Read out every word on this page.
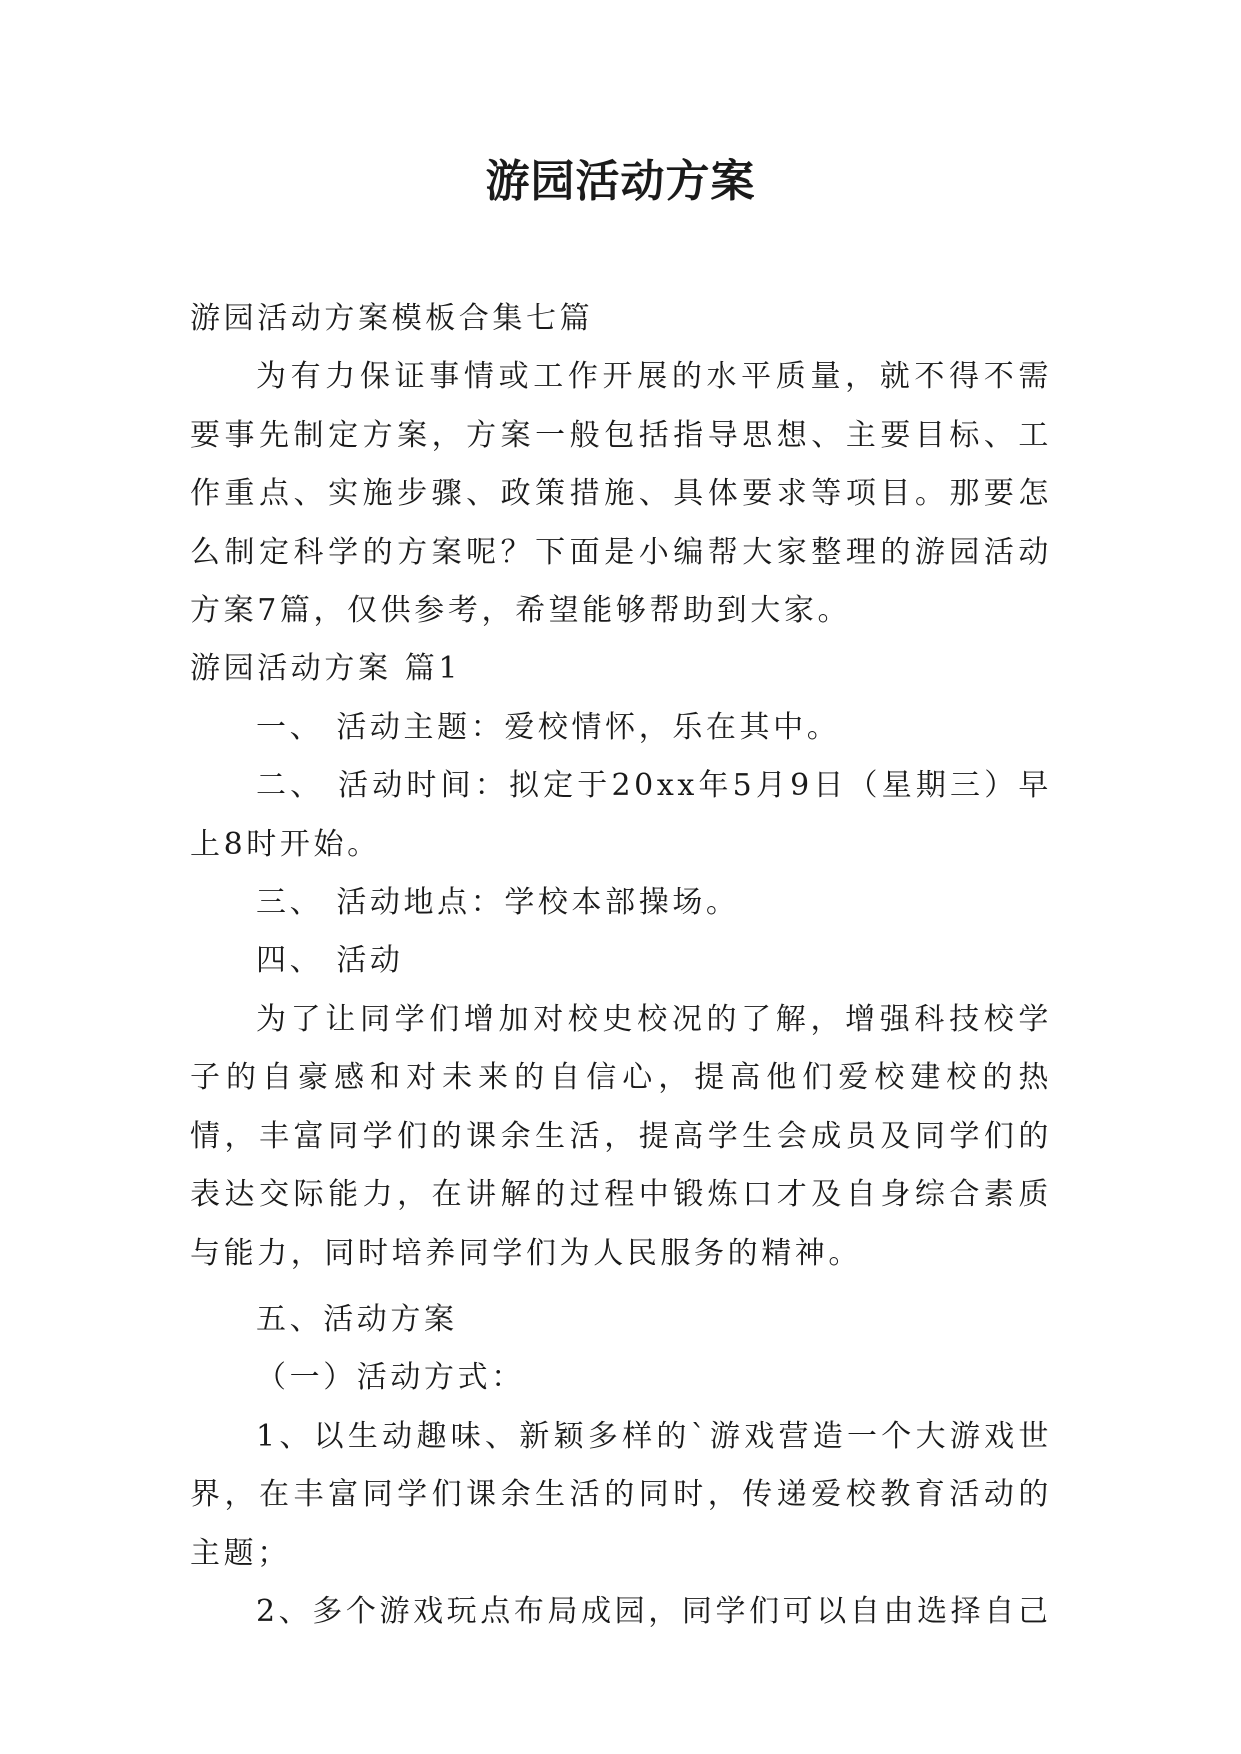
游园活动方案

游园活动方案模板合集七篇

为有力保证事情或工作开展的水平质量，就不得不需要事先制定方案，方案一般包括指导思想、主要目标、工作重点、实施步骤、政策措施、具体要求等项目。那要怎么制定科学的方案呢？下面是小编帮大家整理的游园活动方案7篇，仅供参考，希望能够帮助到大家。

游园活动方案 篇1

一、 活动主题：爱校情怀，乐在其中。

二、 活动时间：拟定于20xx年5月9日（星期三）早上8时开始。

三、 活动地点：学校本部操场。

四、 活动

为了让同学们增加对校史校况的了解，增强科技校学子的自豪感和对未来的自信心，提高他们爱校建校的热情，丰富同学们的课余生活，提高学生会成员及同学们的表达交际能力，在讲解的过程中锻炼口才及自身综合素质与能力，同时培养同学们为人民服务的精神。

五、活动方案

（一）活动方式：

1、以生动趣味、新颖多样的`游戏营造一个大游戏世界，在丰富同学们课余生活的同时，传递爱校教育活动的主题；

2、多个游戏玩点布局成园，同学们可以自由选择自己
